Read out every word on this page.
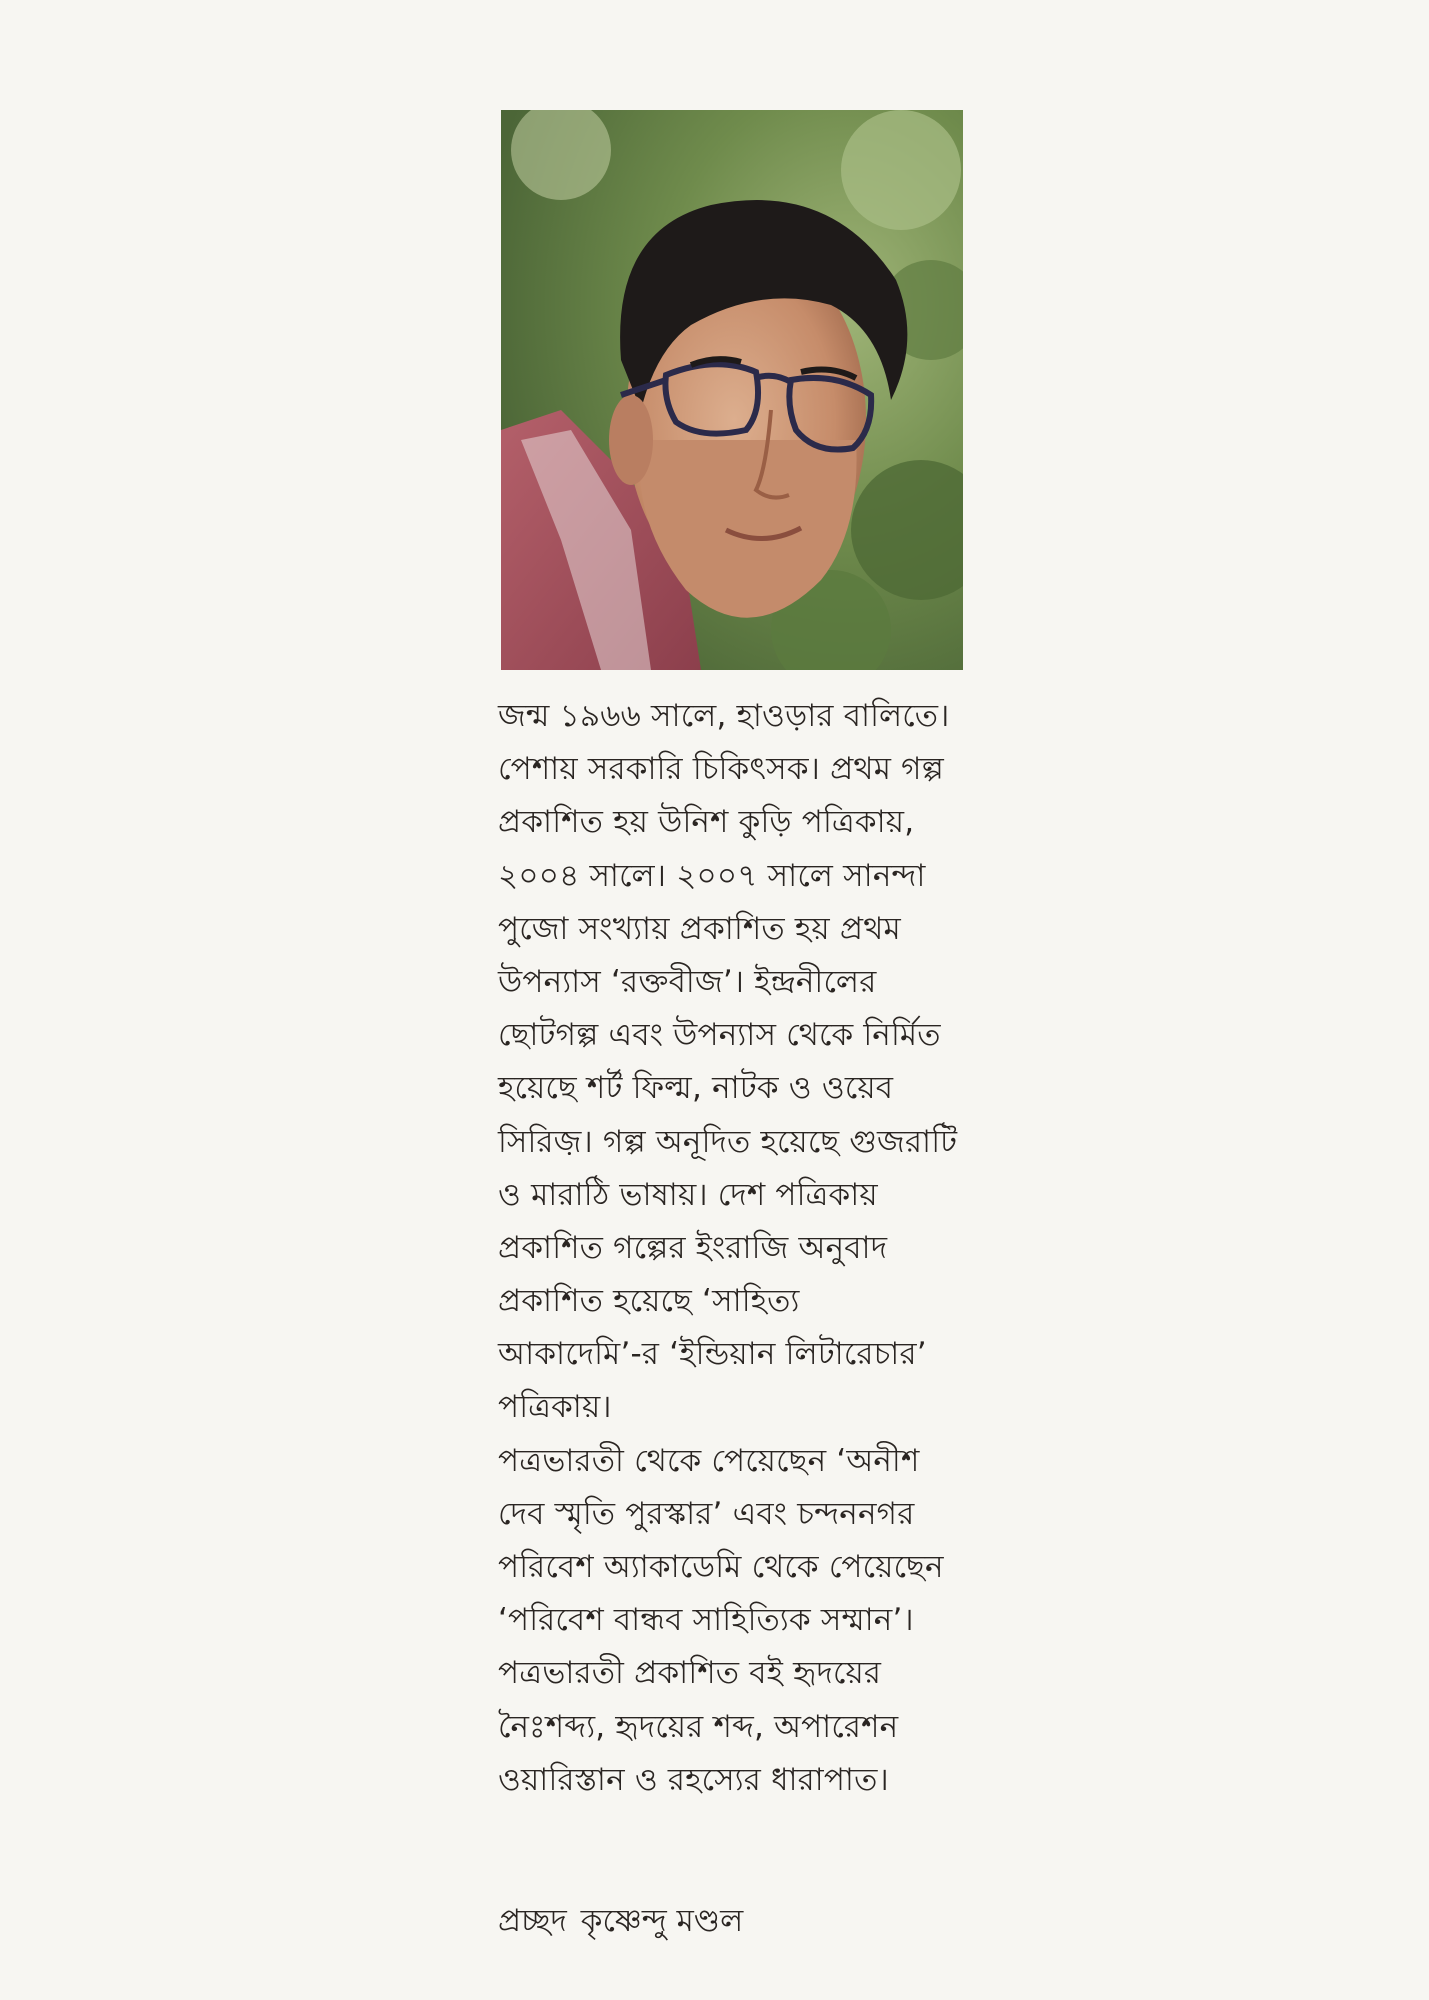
জন্ম ১৯৬৬ সালে, হাওড়ার বালিতে।
পেশায় সরকারি চিকিৎসক। প্রথম গল্প
প্রকাশিত হয় উনিশ কুড়ি পত্রিকায়,
২০০৪ সালে। ২০০৭ সালে সানন্দা
পুজো সংখ্যায় প্রকাশিত হয় প্রথম
উপন্যাস ‘রক্তবীজ’। ইন্দ্রনীলের
ছোটগল্প এবং উপন্যাস থেকে নির্মিত
হয়েছে শর্ট ফিল্ম, নাটক ও ওয়েব
সিরিজ়। গল্প অনূদিত হয়েছে গুজরাটি
ও মারাঠি ভাষায়। দেশ পত্রিকায়
প্রকাশিত গল্পের ইংরাজি অনুবাদ
প্রকাশিত হয়েছে ‘সাহিত্য
আকাদেমি’-র ‘ইন্ডিয়ান লিটারেচার’
পত্রিকায়।
পত্রভারতী থেকে পেয়েছেন ‘অনীশ
দেব স্মৃতি পুরস্কার’ এবং চন্দননগর
পরিবেশ অ্যাকাডেমি থেকে পেয়েছেন
‘পরিবেশ বান্ধব সাহিত্যিক সম্মান’।
পত্রভারতী প্রকাশিত বই হৃদয়ের
নৈঃশব্দ্য, হৃদয়ের শব্দ, অপারেশন
ওয়ারিস্তান ও রহস্যের ধারাপাত।
প্রচ্ছদ কৃষ্ণেন্দু মণ্ডল
